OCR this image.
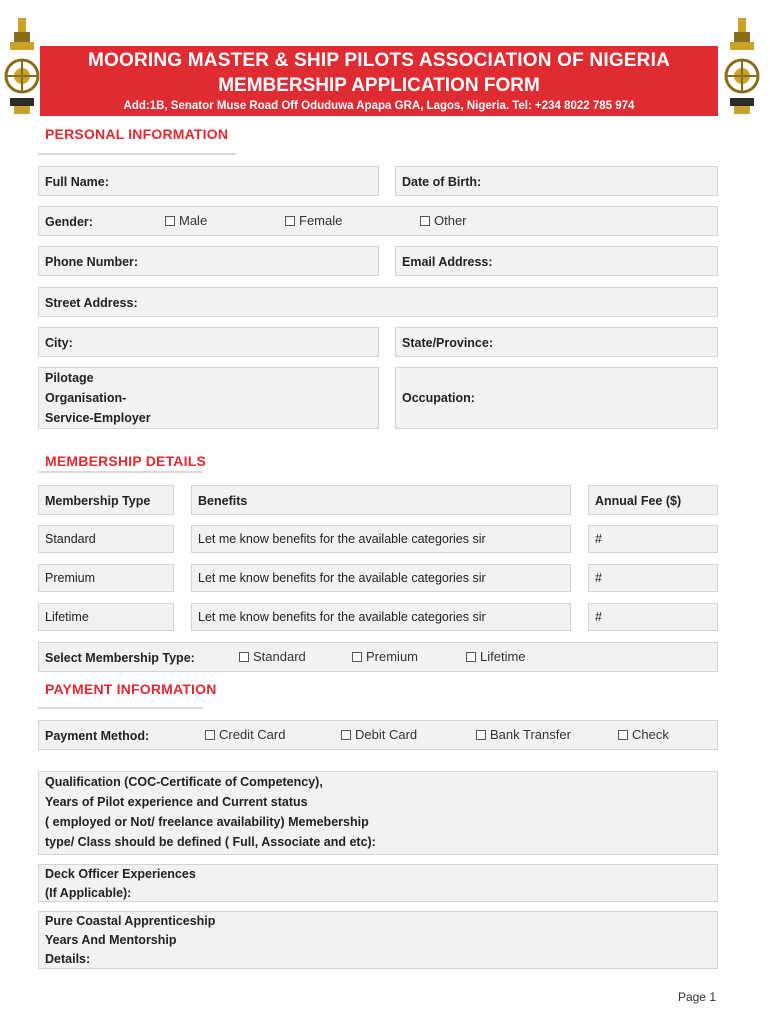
MOORING MASTER & SHIP PILOTS ASSOCIATION OF NIGERIA
MEMBERSHIP APPLICATION FORM
Add:1B, Senator Muse Road Off Oduduwa Apapa GRA, Lagos, Nigeria. Tel: +234 8022 785 974
PERSONAL INFORMATION
Full Name:	Date of Birth:
Gender:	Male	Female	Other
Phone Number:	Email Address:
Street Address:
City:	State/Province:
Pilotage
Organisation-
Service-Employer
Occupation:
MEMBERSHIP DETAILS
Membership Type	Benefits	Annual Fee ($)
Standard	Let me know benefits for the available categories sir	#
Premium	Let me know benefits for the available categories sir	#
Lifetime	Let me know benefits for the available categories sir	#
Select Membership Type:	Standard	Premium	Lifetime
PAYMENT INFORMATION
Payment Method:	Credit Card	Debit Card	Bank Transfer	Check
Qualification (COC-Certificate of Competency),
Years of Pilot experience and Current status
( employed or Not/ freelance availability) Memebership
type/ Class should be defined ( Full, Associate and etc):
Deck Officer Experiences
(If Applicable):
Pure Coastal Apprenticeship
Years And Mentorship
Details:
Page 1
